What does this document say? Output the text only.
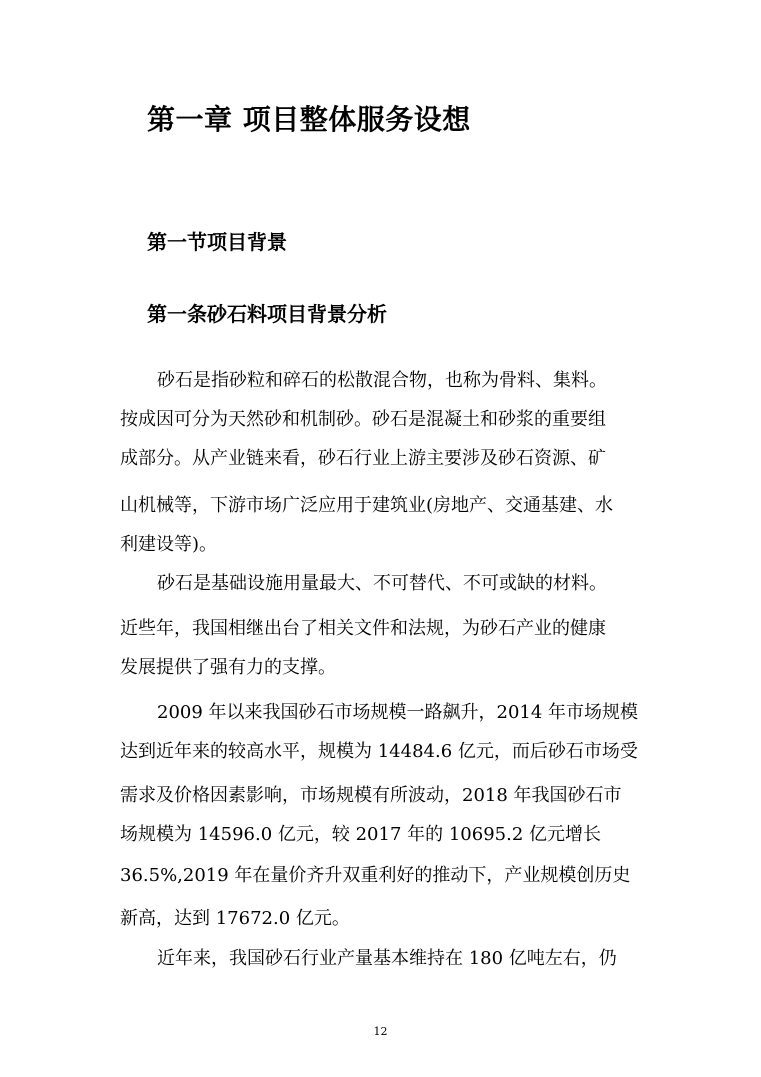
第一章 项目整体服务设想
第一节项目背景
第一条砂石料项目背景分析
砂石是指砂粒和碎石的松散混合物，也称为骨料、集料。
按成因可分为天然砂和机制砂。砂石是混凝土和砂浆的重要组
成部分。从产业链来看，砂石行业上游主要涉及砂石资源、矿
山机械等，下游市场广泛应用于建筑业(房地产、交通基建、水
利建设等)。
砂石是基础设施用量最大、不可替代、不可或缺的材料。
近些年，我国相继出台了相关文件和法规，为砂石产业的健康
发展提供了强有力的支撑。
2009 年以来我国砂石市场规模一路飙升，2014 年市场规模
达到近年来的较高水平，规模为 14484.6 亿元，而后砂石市场受
需求及价格因素影响，市场规模有所波动，2018 年我国砂石市
场规模为 14596.0 亿元，较 2017 年的 10695.2 亿元增长
36.5%,2019 年在量价齐升双重利好的推动下，产业规模创历史
新高，达到 17672.0 亿元。
近年来，我国砂石行业产量基本维持在 180 亿吨左右，仍
12
